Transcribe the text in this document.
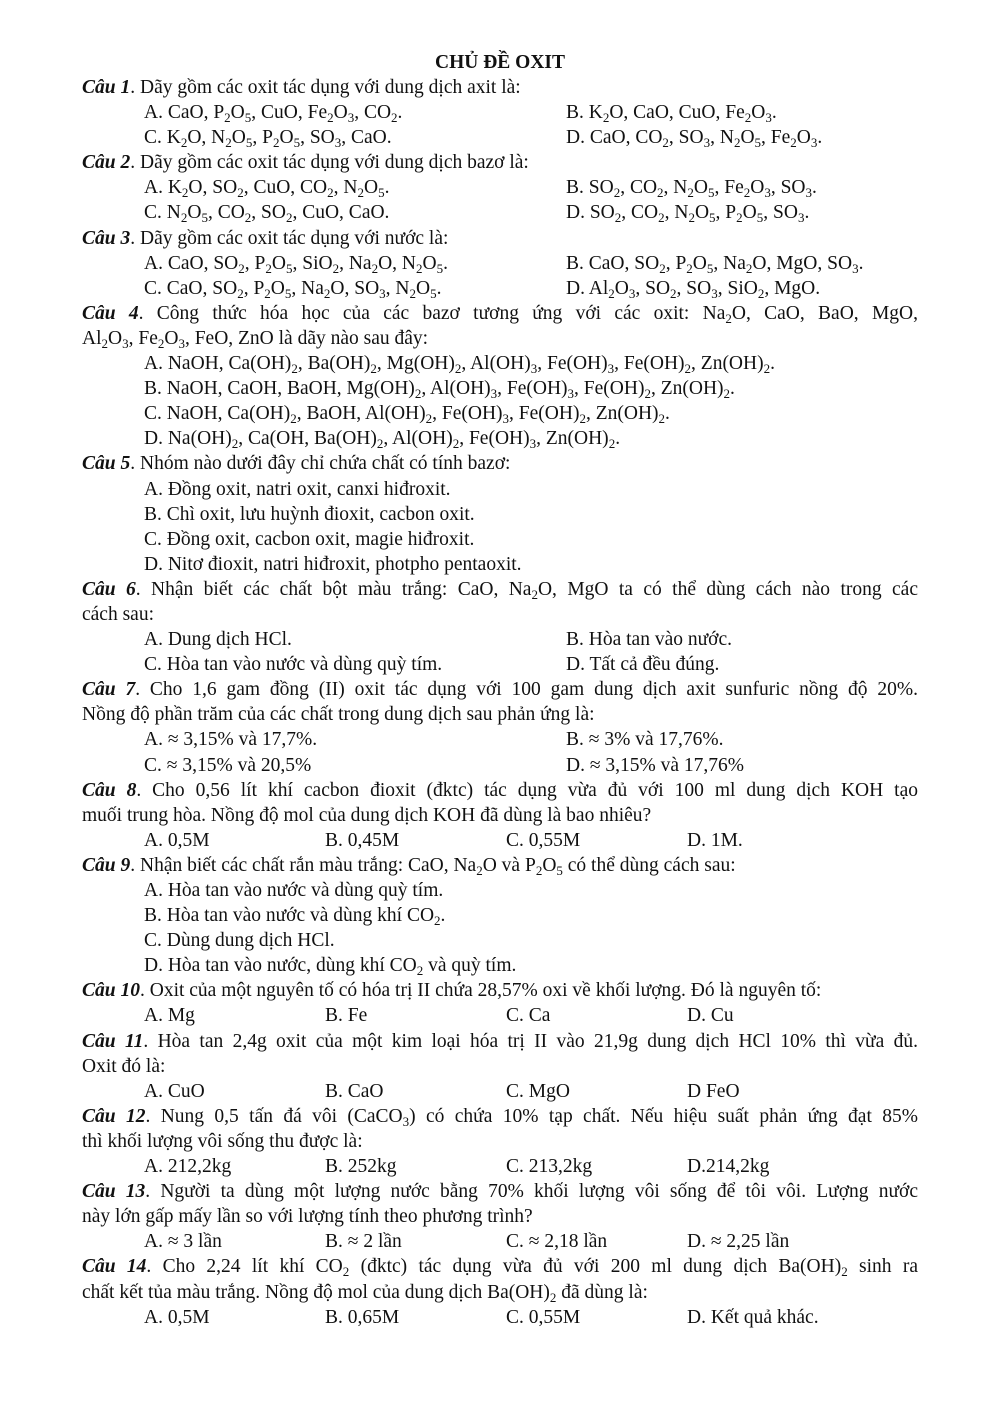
CHỦ ĐỀ OXIT
Câu 1. Dãy gồm các oxit tác dụng với dung dịch axit là:
A. CaO, $P_2O_5$, CuO, $Fe_2O_3$, $CO_2$.	B. $K_2O$, CaO, CuO, $Fe_2O_3$.
C. $K_2O$, $N_2O_5$, $P_2O_5$, $SO_3$, CaO.	D. CaO, $CO_2$, $SO_3$, $N_2O_5$, $Fe_2O_3$.
Câu 2. Dãy gồm các oxit tác dụng với dung dịch bazơ là:
A. $K_2O$, $SO_2$, CuO, $CO_2$, $N_2O_5$.	B. $SO_2$, $CO_2$, $N_2O_5$, $Fe_2O_3$, $SO_3$.
C. $N_2O_5$, $CO_2$, $SO_2$, CuO, CaO.	D. $SO_2$, $CO_2$, $N_2O_5$, $P_2O_5$, $SO_3$.
Câu 3. Dãy gồm các oxit tác dụng với nước là:
A. CaO, $SO_2$, $P_2O_5$, SiO$_2$, $Na_2O$, $N_2O_5$.	B. CaO, $SO_2$, $P_2O_5$, $Na_2O$, MgO, $SO_3$.
C. CaO, $SO_2$, $P_2O_5$, $Na_2O$, $SO_3$, $N_2O_5$.	D. $Al_2O_3$, $SO_2$, $SO_3$, SiO$_2$, MgO.
Câu 4. Công thức hóa học của các bazơ tương ứng với các oxit: $Na_2O$, CaO, BaO, MgO,
$Al_2O_3$, $Fe_2O_3$, FeO, ZnO là dãy nào sau đây:
A. NaOH, $Ca(OH)_2$, $Ba(OH)_2$, $Mg(OH)_2$, $Al(OH)_3$, $Fe(OH)_3$, $Fe(OH)_2$, $Zn(OH)_2$.
B. NaOH, CaOH, BaOH, $Mg(OH)_2$, $Al(OH)_3$, $Fe(OH)_3$, $Fe(OH)_2$, $Zn(OH)_2$.
C. NaOH, $Ca(OH)_2$, BaOH, $Al(OH)_2$, $Fe(OH)_3$, $Fe(OH)_2$, $Zn(OH)_2$.
D. $Na(OH)_2$, Ca(OH, $Ba(OH)_2$, $Al(OH)_2$, $Fe(OH)_3$, $Zn(OH)_2$.
Câu 5. Nhóm nào dưới đây chỉ chứa chất có tính bazơ:
A. Đồng oxit, natri oxit, canxi hiđroxit.
B. Chì oxit, lưu huỳnh đioxit, cacbon oxit.
C. Đồng oxit, cacbon oxit, magie hiđroxit.
D. Nitơ đioxit, natri hiđroxit, photpho pentaoxit.
Câu 6. Nhận biết các chất bột màu trắng: CaO, $Na_2O$, MgO ta có thể dùng cách nào trong các
cách sau:
A. Dung dịch HCl.	B. Hòa tan vào nước.
C. Hòa tan vào nước và dùng quỳ tím.	D. Tất cả đều đúng.
Câu 7. Cho 1,6 gam đồng (II) oxit tác dụng với 100 gam dung dịch axit sunfuric nồng độ 20%.
Nồng độ phần trăm của các chất trong dung dịch sau phản ứng là:
A. ≈ 3,15% và 17,7%.	B. ≈ 3% và 17,76%.
C. ≈ 3,15% và 20,5%	D. ≈ 3,15% và 17,76%
Câu 8. Cho 0,56 lít khí cacbon đioxit (đktc) tác dụng vừa đủ với 100 ml dung dịch KOH tạo
muối trung hòa. Nồng độ mol của dung dịch KOH đã dùng là bao nhiêu?
A. 0,5M	B. 0,45M	C. 0,55M	D. 1M.
Câu 9. Nhận biết các chất rắn màu trắng: CaO, $Na_2O$ và $P_2O_5$ có thể dùng cách sau:
A. Hòa tan vào nước và dùng quỳ tím.
B. Hòa tan vào nước và dùng khí $CO_2$.
C. Dùng dung dịch HCl.
D. Hòa tan vào nước, dùng khí $CO_2$ và quỳ tím.
Câu 10. Oxit của một nguyên tố có hóa trị II chứa 28,57% oxi về khối lượng. Đó là nguyên tố:
A. Mg	B. Fe	C. Ca	D. Cu
Câu 11. Hòa tan 2,4g oxit của một kim loại hóa trị II vào 21,9g dung dịch HCl 10% thì vừa đủ.
Oxit đó là:
A. CuO	B. CaO	C. MgO	D FeO
Câu 12. Nung 0,5 tấn đá vôi (CaCO$_3$) có chứa 10% tạp chất. Nếu hiệu suất phản ứng đạt 85%
thì khối lượng vôi sống thu được là:
A. 212,2kg	B. 252kg	C. 213,2kg	D.214,2kg
Câu 13. Người ta dùng một lượng nước bằng 70% khối lượng vôi sống để tôi vôi. Lượng nước
này lớn gấp mấy lần so với lượng tính theo phương trình?
A. ≈ 3 lần	B. ≈ 2 lần	C. ≈ 2,18 lần	D. ≈ 2,25 lần
Câu 14. Cho 2,24 lít khí $CO_2$ (đktc) tác dụng vừa đủ với 200 ml dung dịch $Ba(OH)_2$ sinh ra
chất kết tủa màu trắng. Nồng độ mol của dung dịch $Ba(OH)_2$ đã dùng là:
A. 0,5M	B. 0,65M	C. 0,55M	D. Kết quả khác.
